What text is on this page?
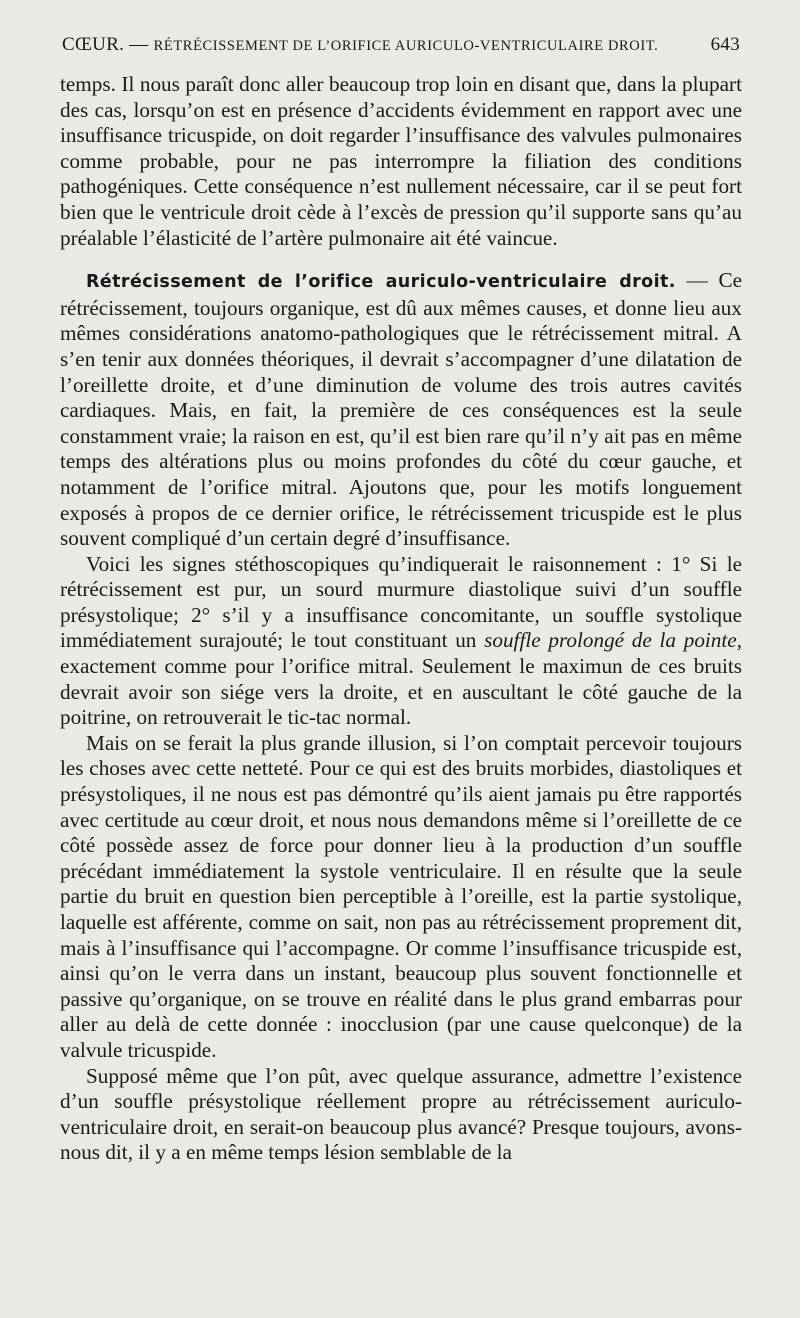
CŒUR. — RÉTRÉCISSEMENT DE L’ORIFICE AURICULO-VENTRICULAIRE DROIT.	643

temps. Il nous paraît donc aller beaucoup trop loin en disant que, dans la plupart des cas, lorsqu’on est en présence d’accidents évidemment en rapport avec une insuffisance tricuspide, on doit regarder l’insuffisance des valvules pulmonaires comme probable, pour ne pas interrompre la filiation des conditions pathogéniques. Cette conséquence n’est nullement nécessaire, car il se peut fort bien que le ventricule droit cède à l’excès de pression qu’il supporte sans qu’au préalable l’élasticité de l’artère pulmonaire ait été vaincue.

Rétrécissement de l’orifice auriculo-ventriculaire droit. — Ce rétrécissement, toujours organique, est dû aux mêmes causes, et donne lieu aux mêmes considérations anatomo-pathologiques que le rétrécissement mitral. A s’en tenir aux données théoriques, il devrait s’accompagner d’une dilatation de l’oreillette droite, et d’une diminution de volume des trois autres cavités cardiaques. Mais, en fait, la première de ces conséquences est la seule constamment vraie; la raison en est, qu’il est bien rare qu’il n’y ait pas en même temps des altérations plus ou moins profondes du côté du cœur gauche, et notamment de l’orifice mitral. Ajoutons que, pour les motifs longuement exposés à propos de ce dernier orifice, le rétrécissement tricuspide est le plus souvent compliqué d’un certain degré d’insuffisance.

Voici les signes stéthoscopiques qu’indiquerait le raisonnement : 1° Si le rétrécissement est pur, un sourd murmure diastolique suivi d’un souffle présystolique; 2° s’il y a insuffisance concomitante, un souffle systolique immédiatement surajouté; le tout constituant un souffle prolongé de la pointe, exactement comme pour l’orifice mitral. Seulement le maximun de ces bruits devrait avoir son siége vers la droite, et en auscultant le côté gauche de la poitrine, on retrouverait le tic-tac normal.

Mais on se ferait la plus grande illusion, si l’on comptait percevoir toujours les choses avec cette netteté. Pour ce qui est des bruits morbides, diastoliques et présystoliques, il ne nous est pas démontré qu’ils aient jamais pu être rapportés avec certitude au cœur droit, et nous nous demandons même si l’oreillette de ce côté possède assez de force pour donner lieu à la production d’un souffle précédant immédiatement la systole ventriculaire. Il en résulte que la seule partie du bruit en question bien perceptible à l’oreille, est la partie systolique, laquelle est afférente, comme on sait, non pas au rétrécissement proprement dit, mais à l’insuffisance qui l’accompagne. Or comme l’insuffisance tricuspide est, ainsi qu’on le verra dans un instant, beaucoup plus souvent fonctionnelle et passive qu’organique, on se trouve en réalité dans le plus grand embarras pour aller au delà de cette donnée : inocclusion (par une cause quelconque) de la valvule tricuspide.

Supposé même que l’on pût, avec quelque assurance, admettre l’existence d’un souffle présystolique réellement propre au rétrécissement auriculo-ventriculaire droit, en serait-on beaucoup plus avancé? Presque toujours, avons-nous dit, il y a en même temps lésion semblable de la
